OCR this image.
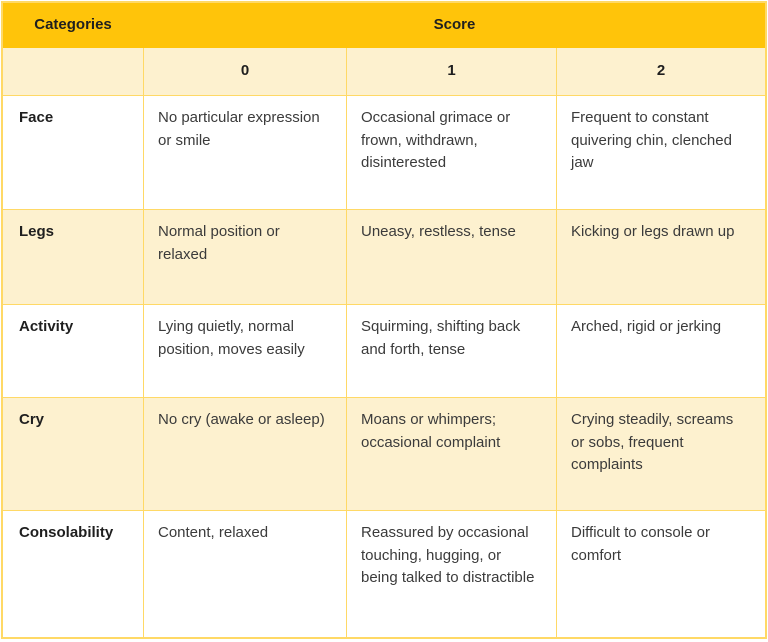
Categories	Score		
	0	1	2
Face	No particular expression or smile	Occasional grimace or frown, withdrawn, disinterested	Frequent to constant quivering chin, clenched jaw
Legs	Normal position or relaxed	Uneasy, restless, tense	Kicking or legs drawn up
Activity	Lying quietly, normal position, moves easily	Squirming, shifting back and forth, tense	Arched, rigid or jerking
Cry	No cry (awake or asleep)	Moans or whimpers; occasional complaint	Crying steadily, screams or sobs, frequent complaints
Consolability	Content, relaxed	Reassured by occasional touching, hugging, or being talked to distractible	Difficult to console or comfort
